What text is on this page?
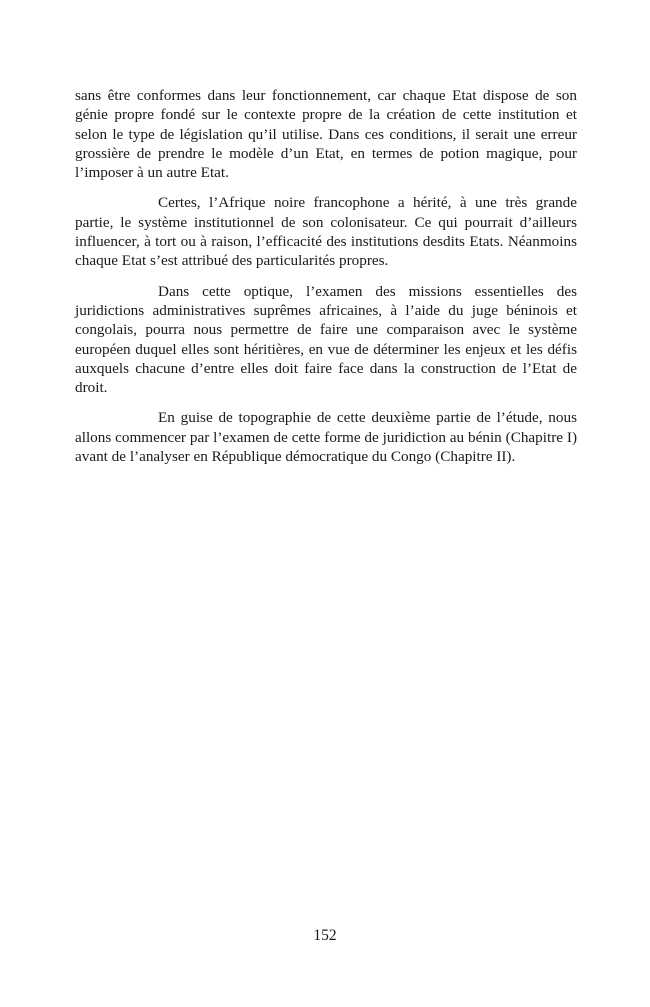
sans être conformes dans leur fonctionnement, car chaque Etat dispose de son génie propre fondé sur le contexte propre de la création de cette institution et selon le type de législation qu’il utilise. Dans ces conditions, il serait une erreur grossière de prendre le modèle d’un Etat, en termes de potion magique, pour l’imposer à un autre Etat.

Certes, l’Afrique noire francophone a hérité, à une très grande partie, le système institutionnel de son colonisateur. Ce qui pourrait d’ailleurs influencer, à tort ou à raison, l’efficacité des institutions desdits Etats. Néanmoins chaque Etat s’est attribué des particularités propres.

Dans cette optique, l’examen des missions essentielles des juridictions administratives suprêmes africaines, à l’aide du juge béninois et congolais, pourra nous permettre de faire une comparaison avec le système européen duquel elles sont héritières, en vue de déterminer les enjeux et les défis auxquels chacune d’entre elles doit faire face dans la construction de l’Etat de droit.

En guise de topographie de cette deuxième partie de l’étude, nous allons commencer par l’examen de cette forme de juridiction au bénin (Chapitre I) avant de l’analyser en République démocratique du Congo (Chapitre II).

152
